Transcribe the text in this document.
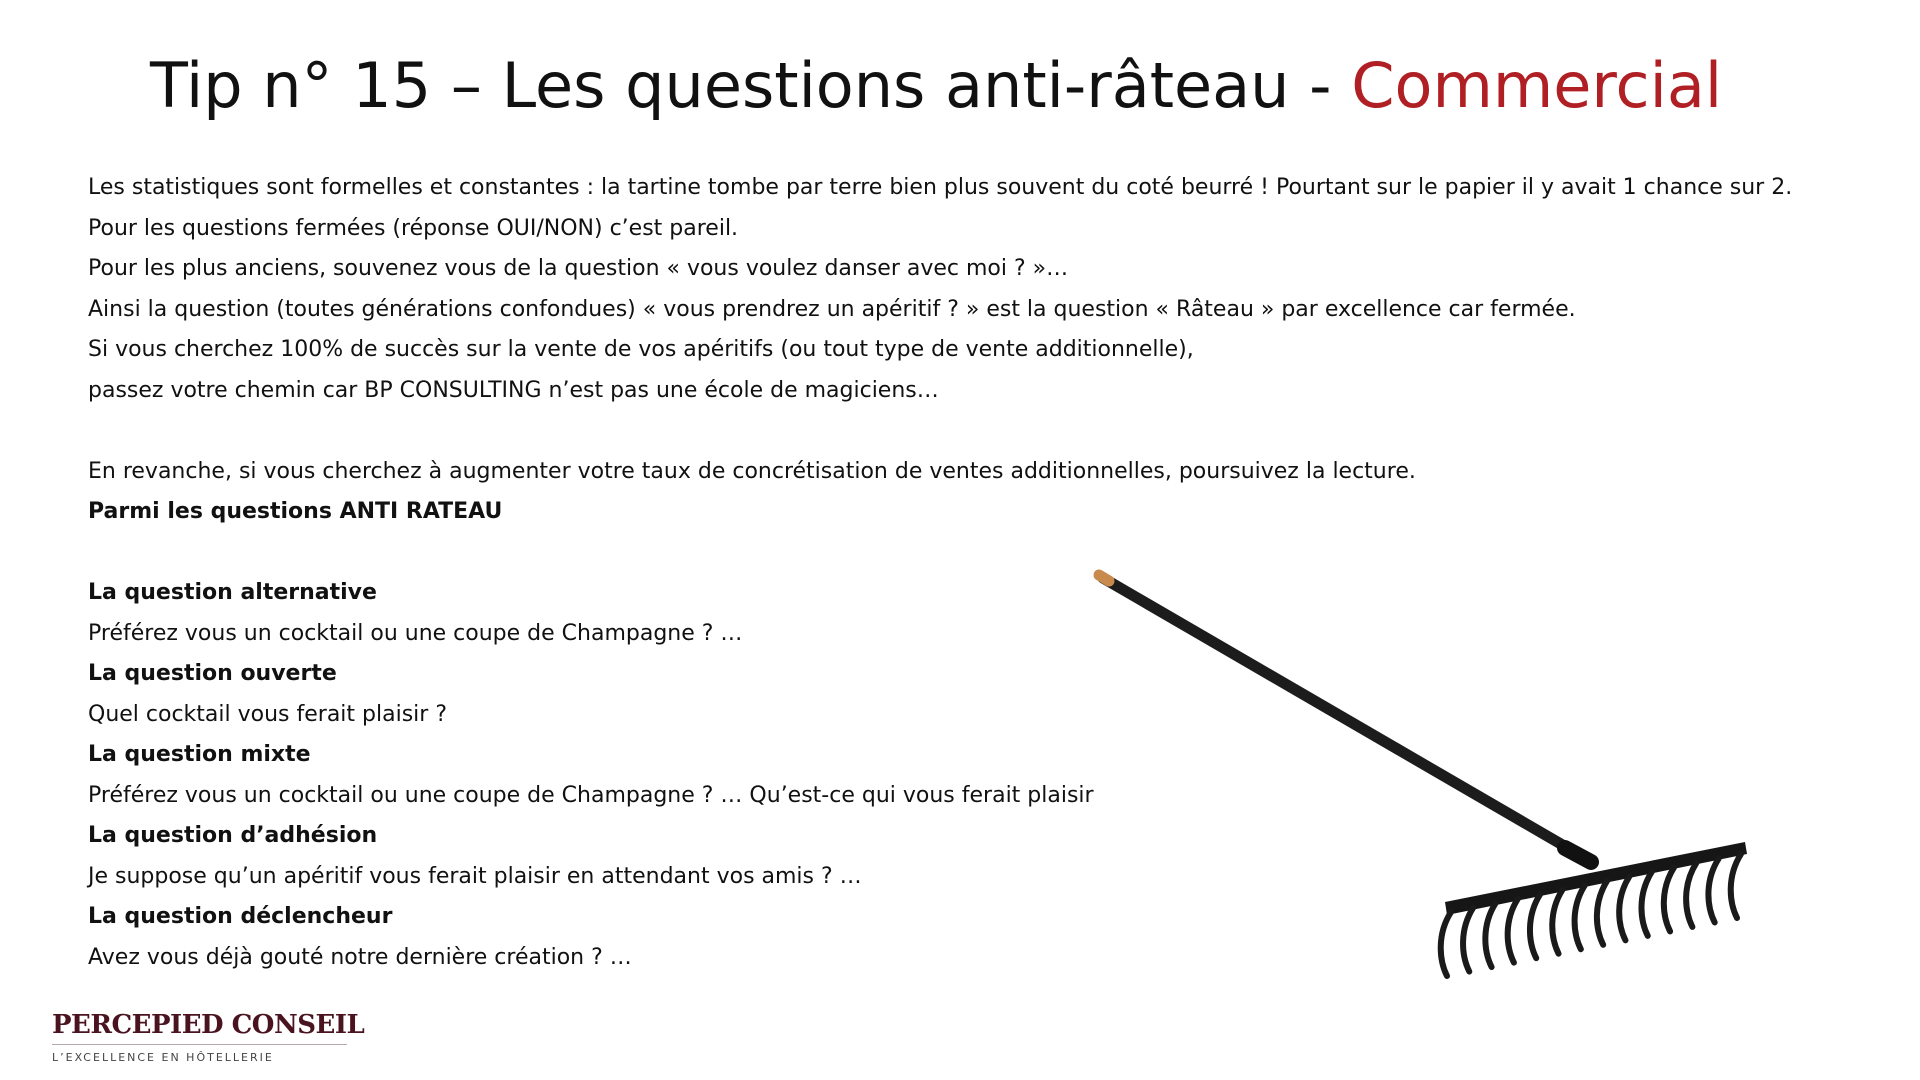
Tip n° 15 – Les questions anti-râteau - Commercial
Les statistiques sont formelles et constantes : la tartine tombe par terre bien plus souvent du coté beurré ! Pourtant sur le papier il y avait 1 chance sur 2.
Pour les questions fermées (réponse OUI/NON) c’est pareil.
Pour les plus anciens, souvenez vous de la question « vous voulez danser avec moi ? »…
Ainsi la question (toutes générations confondues) « vous prendrez un apéritif ? » est la question « Râteau » par excellence car fermée.
Si vous cherchez 100% de succès sur la vente de vos apéritifs (ou tout type de vente additionnelle),
passez votre chemin car BP CONSULTING n’est pas une école de magiciens…
En revanche, si vous cherchez à augmenter votre taux de concrétisation de ventes additionnelles, poursuivez la lecture.
Parmi les questions ANTI RATEAU
La question alternative
Préférez vous un cocktail ou une coupe de Champagne ? …
La question ouverte
Quel cocktail vous ferait plaisir ?
La question mixte
Préférez vous un cocktail ou une coupe de Champagne ? … Qu’est-ce qui vous ferait plaisir
La question d’adhésion
Je suppose qu’un apéritif vous ferait plaisir en attendant vos amis ? …
La question déclencheur
Avez vous déjà gouté notre dernière création ? …
PERCEPIED CONSEIL
L’EXCELLENCE EN HÔTELLERIE
